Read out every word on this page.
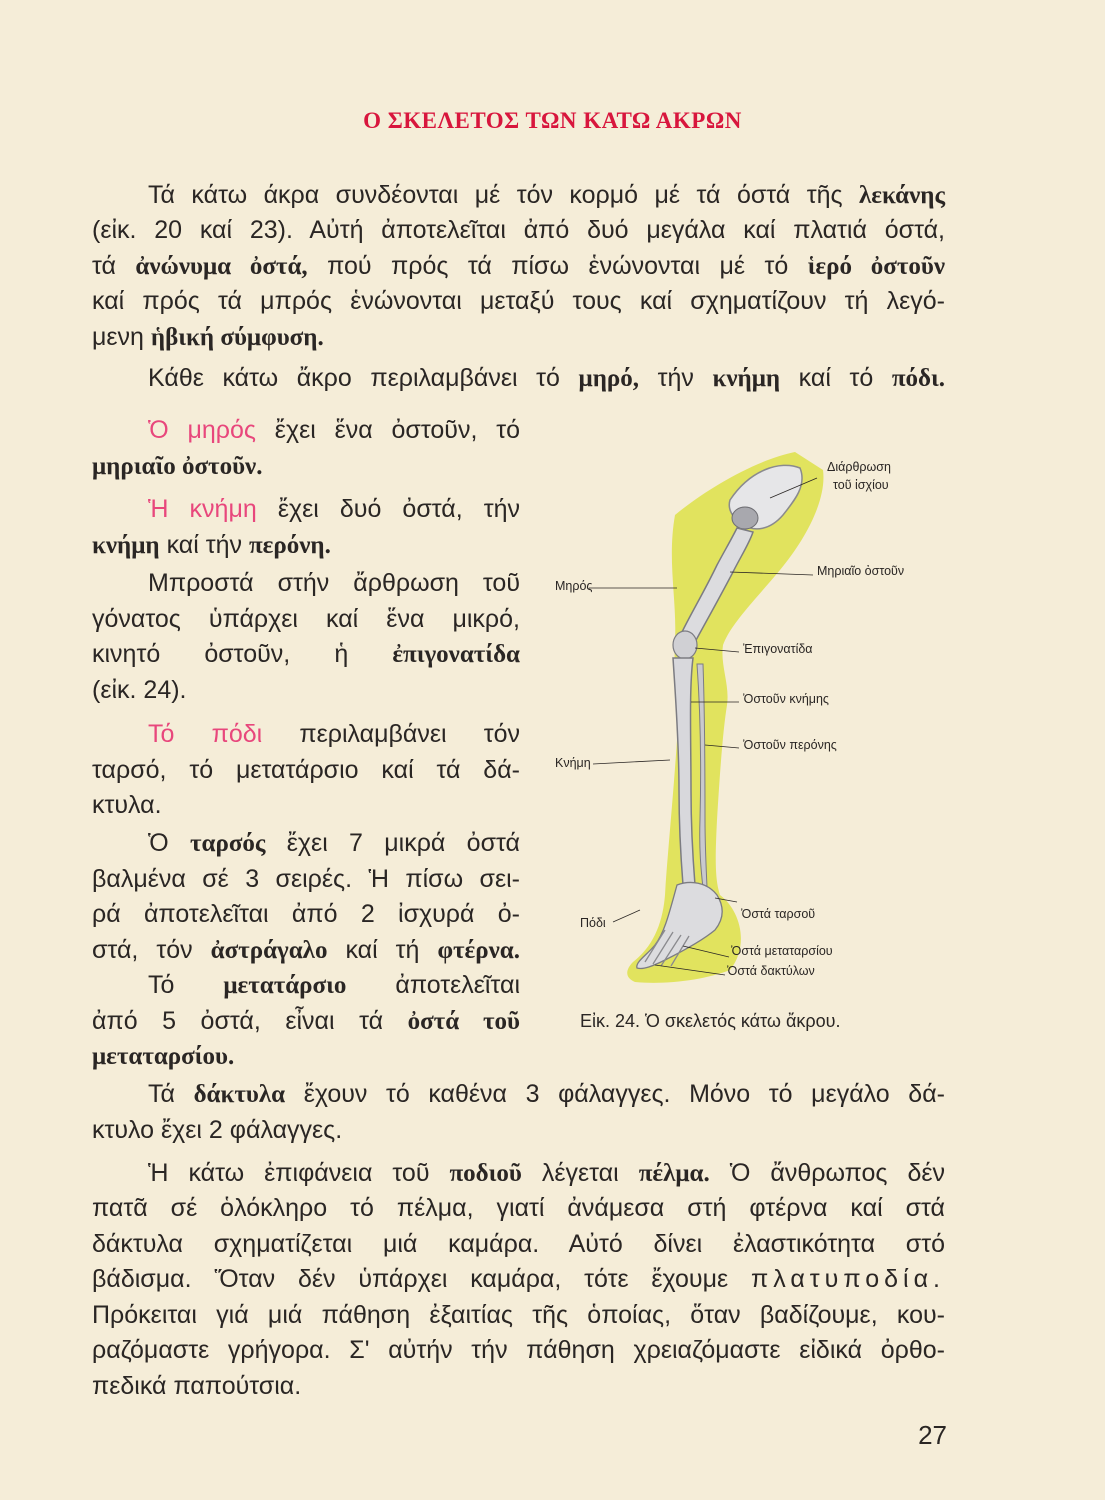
Ο ΣΚΕΛΕΤΟΣ ΤΩΝ ΚΑΤΩ ΑΚΡΩΝ

Τά κάτω άκρα συνδέονται μέ τόν κορμό μέ τά όστά τῆς λεκάνης

(εἰκ. 20 καί 23). Αὐτή ἀποτελεῖται ἀπό δυό μεγάλα καί πλατιά όστά,

τά ἀνώνυμα ὀστά, πού πρός τά πίσω ἑνώνονται μέ τό ἱερό ὀστοῦν

καί πρός τά μπρός ἑνώνονται μεταξύ τους καί σχηματίζουν τή λεγό-

μενη ἡβική σύμφυση.

Κάθε κάτω ἄκρο περιλαμβάνει τό μηρό, τήν κνήμη καί τό πόδι.

Ὁ μηρός ἔχει ἕνα ὀστοῦν, τό

μηριαῖο ὀστοῦν.

Ἡ κνήμη ἔχει δυό ὀστά, τήν

κνήμη καί τήν περόνη.

Μπροστά στήν ἄρθρωση τοῦ

γόνατος ὑπάρχει καί ἕνα μικρό,

κινητό ὀστοῦν, ἡ ἐπιγονατίδα

(εἰκ. 24).

Τό πόδι περιλαμβάνει τόν

ταρσό, τό μετατάρσιο καί τά δά-

κτυλα.

Ὁ ταρσός ἔχει 7 μικρά ὀστά

βαλμένα σέ 3 σειρές. Ἡ πίσω σει-

ρά ἀποτελεῖται ἀπό 2 ἰσχυρά ὀ-

στά, τόν ἀστράγαλο καί τή φτέρνα.

Τό μετατάρσιο ἀποτελεῖται

ἀπό 5 ὀστά, εἶναι τά ὀστά τοῦ

μεταταρσίου.

Διάρθρωση
τοῦ ἰσχίου
Μηριαῖο ὀστοῦν
Μηρός
Ἐπιγονατίδα
Ὀστοῦν κνήμης
Ὀστοῦν περόνης
Κνήμη
Ὀστά ταρσοῦ
Πόδι
Ὀστά μεταταρσίου
Ὀστά δακτύλων
Εἰκ. 24. Ὁ σκελετός κάτω ἄκρου.

Τά δάκτυλα ἔχουν τό καθένα 3 φάλαγγες. Μόνο τό μεγάλο δά-

κτυλο ἔχει 2 φάλαγγες.

Ἡ κάτω ἐπιφάνεια τοῦ ποδιοῦ λέγεται πέλμα. Ὁ ἄνθρωπος δέν

πατᾶ σέ ὁλόκληρο τό πέλμα, γιατί ἀνάμεσα στή φτέρνα καί στά

δάκτυλα σχηματίζεται μιά καμάρα. Αὐτό δίνει ἐλαστικότητα στό

βάδισμα. Ὅταν δέν ὑπάρχει καμάρα, τότε ἔχουμε πλατυποδία.

Πρόκειται γιά μιά πάθηση ἐξαιτίας τῆς ὁποίας, ὅταν βαδίζουμε, κου-

ραζόμαστε γρήγορα. Σ' αὐτήν τήν πάθηση χρειαζόμαστε εἰδικά ὀρθο-

πεδικά παπούτσια.

27
